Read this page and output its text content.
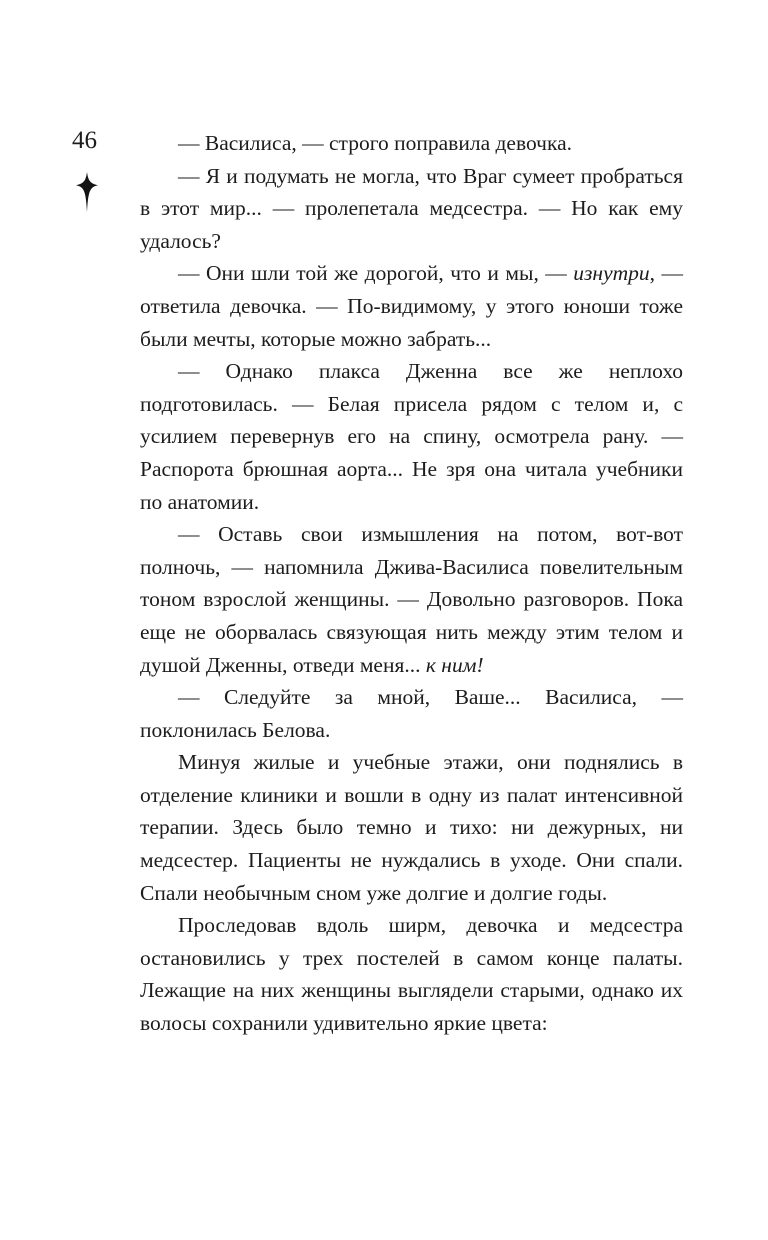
46	— Василиса, — строго поправила девочка.

— Я и подумать не могла, что Враг сумеет пробраться в этот мир... — пролепетала медсестра. — Но как ему удалось?

— Они шли той же дорогой, что и мы, — изнутри, — ответила девочка. — По-видимому, у этого юноши тоже были мечты, которые можно забрать...

— Однако плакса Дженна все же неплохо подготовилась. — Белая присела рядом с телом и, с усилием перевернув его на спину, осмотрела рану. — Распорота брюшная аорта... Не зря она читала учебники по анатомии.

— Оставь свои измышления на потом, вот-вот полночь, — напомнила Джива-Василиса повелительным тоном взрослой женщины. — Довольно разговоров. Пока еще не оборвалась связующая нить между этим телом и душой Дженны, отведи меня... к ним!

— Следуйте за мной, Ваше... Василиса, — поклонилась Белова.

Минуя жилые и учебные этажи, они поднялись в отделение клиники и вошли в одну из палат интенсивной терапии. Здесь было темно и тихо: ни дежурных, ни медсестер. Пациенты не нуждались в уходе. Они спали. Спали необычным сном уже долгие и долгие годы.

Проследовав вдоль ширм, девочка и медсестра остановились у трех постелей в самом конце палаты. Лежащие на них женщины выглядели старыми, однако их волосы сохранили удивительно яркие цвета:
